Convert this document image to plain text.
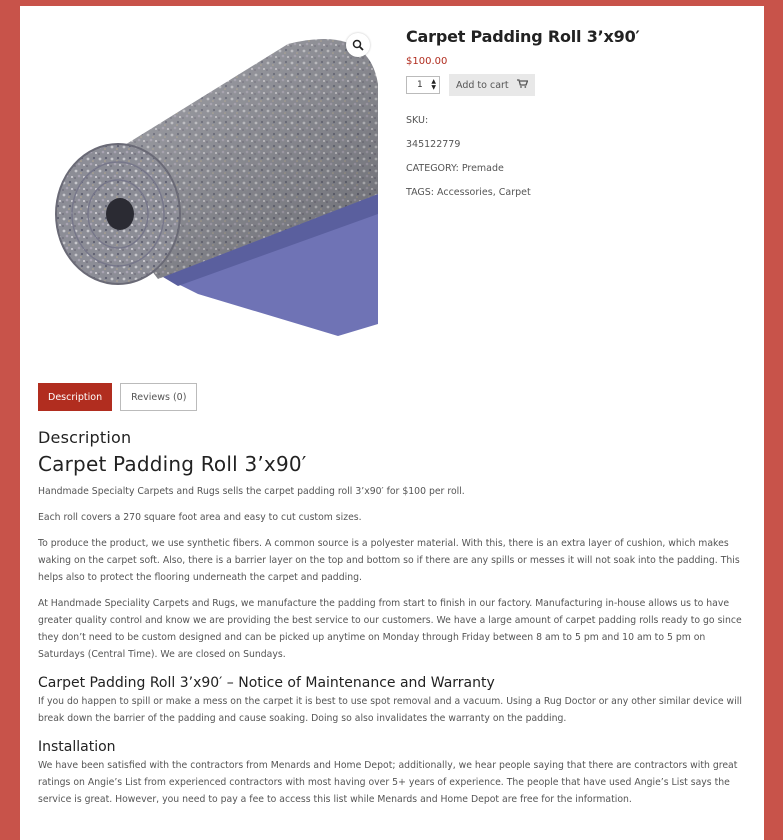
Carpet Padding Roll 3’x90′
$100.00
1 ▲
▼ Add to cart
SKU:
345122779
CATEGORY: Premade
TAGS: Accessories, Carpet
Description	Reviews (0)
Description
Carpet Padding Roll 3’x90′

Handmade Specialty Carpets and Rugs sells the carpet padding roll 3’x90′ for $100 per roll.

Each roll covers a 270 square foot area and easy to cut custom sizes.

To produce the product, we use synthetic fibers. A common source is a polyester material. With this, there is an extra layer of cushion, which makes waking on the carpet soft. Also, there is a barrier layer on the top and bottom so if there are any spills or messes it will not soak into the padding. This helps also to protect the flooring underneath the carpet and padding.

At Handmade Speciality Carpets and Rugs, we manufacture the padding from start to finish in our factory. Manufacturing in-house allows us to have greater quality control and know we are providing the best service to our customers. We have a large amount of carpet padding rolls ready to go since they don’t need to be custom designed and can be picked up anytime on Monday through Friday between 8 am to 5 pm and 10 am to 5 pm on Saturdays (Central Time). We are closed on Sundays.

Carpet Padding Roll 3’x90′ – Notice of Maintenance and Warranty

If you do happen to spill or make a mess on the carpet it is best to use spot removal and a vacuum. Using a Rug Doctor or any other similar device will break down the barrier of the padding and cause soaking. Doing so also invalidates the warranty on the padding.

Installation

We have been satisfied with the contractors from Menards and Home Depot; additionally, we hear people saying that there are contractors with great ratings on Angie’s List from experienced contractors with most having over 5+ years of experience. The people that have used Angie’s List says the service is great. However, you need to pay a fee to access this list while Menards and Home Depot are free for the information.
